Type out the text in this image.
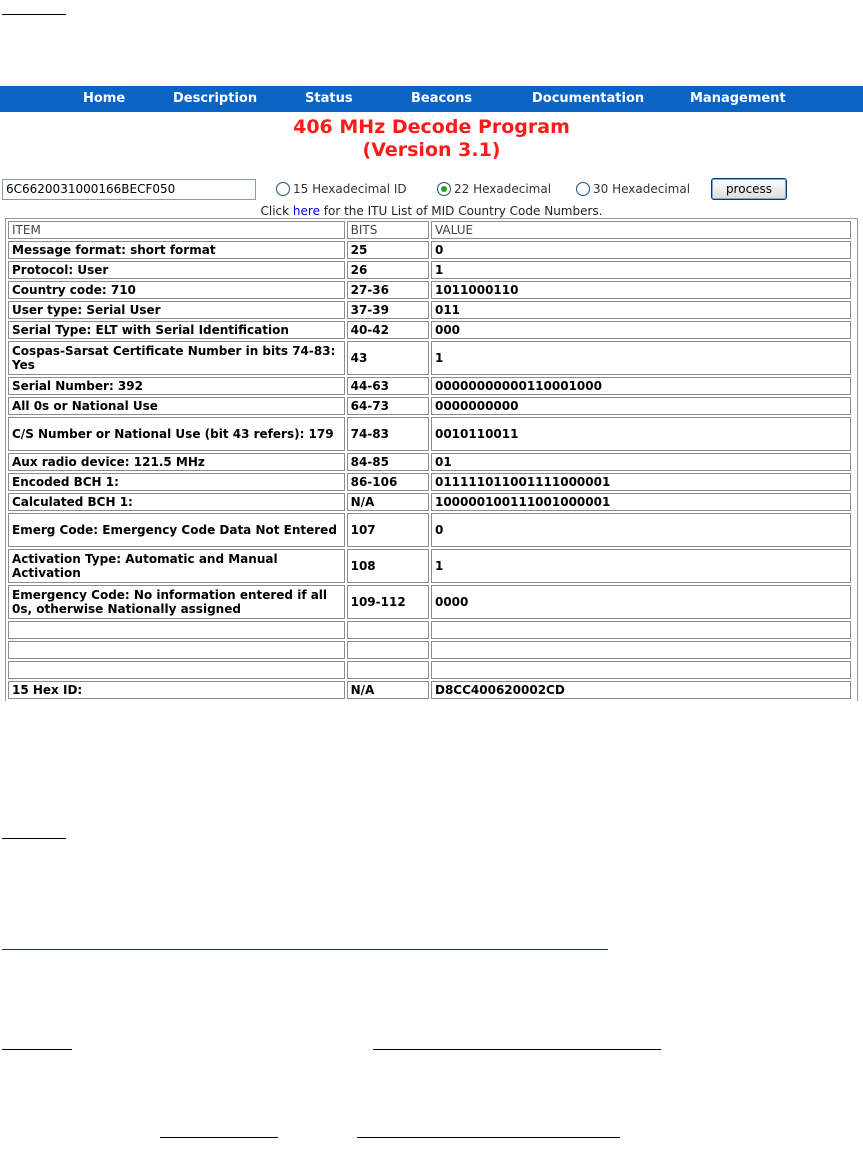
Home	Description	Status	Beacons	Documentation	Management
406 MHz Decode Program
(Version 3.1)
6C6620031000166BECF050	15 Hexadecimal ID	22 Hexadecimal	30 Hexadecimal	process
Click here for the ITU List of MID Country Code Numbers.
ITEM	BITS	VALUE
Message format: short format	25	0
Protocol: User	26	1
Country code: 710	27-36	1011000110
User type: Serial User	37-39	011
Serial Type: ELT with Serial Identification	40-42	000
Cospas-Sarsat Certificate Number in bits 74-83: Yes	43	1
Serial Number: 392	44-63	00000000000110001000
All 0s or National Use	64-73	0000000000
C/S Number or National Use (bit 43 refers): 179	74-83	0010110011
Aux radio device: 121.5 MHz	84-85	01
Encoded BCH 1:	86-106	011111011001111000001
Calculated BCH 1:	N/A	100000100111001000001
Emerg Code: Emergency Code Data Not Entered	107	0
Activation Type: Automatic and Manual Activation	108	1
Emergency Code: No information entered if all 0s, otherwise Nationally assigned	109-112	0000

15 Hex ID:	N/A	D8CC400620002CD
